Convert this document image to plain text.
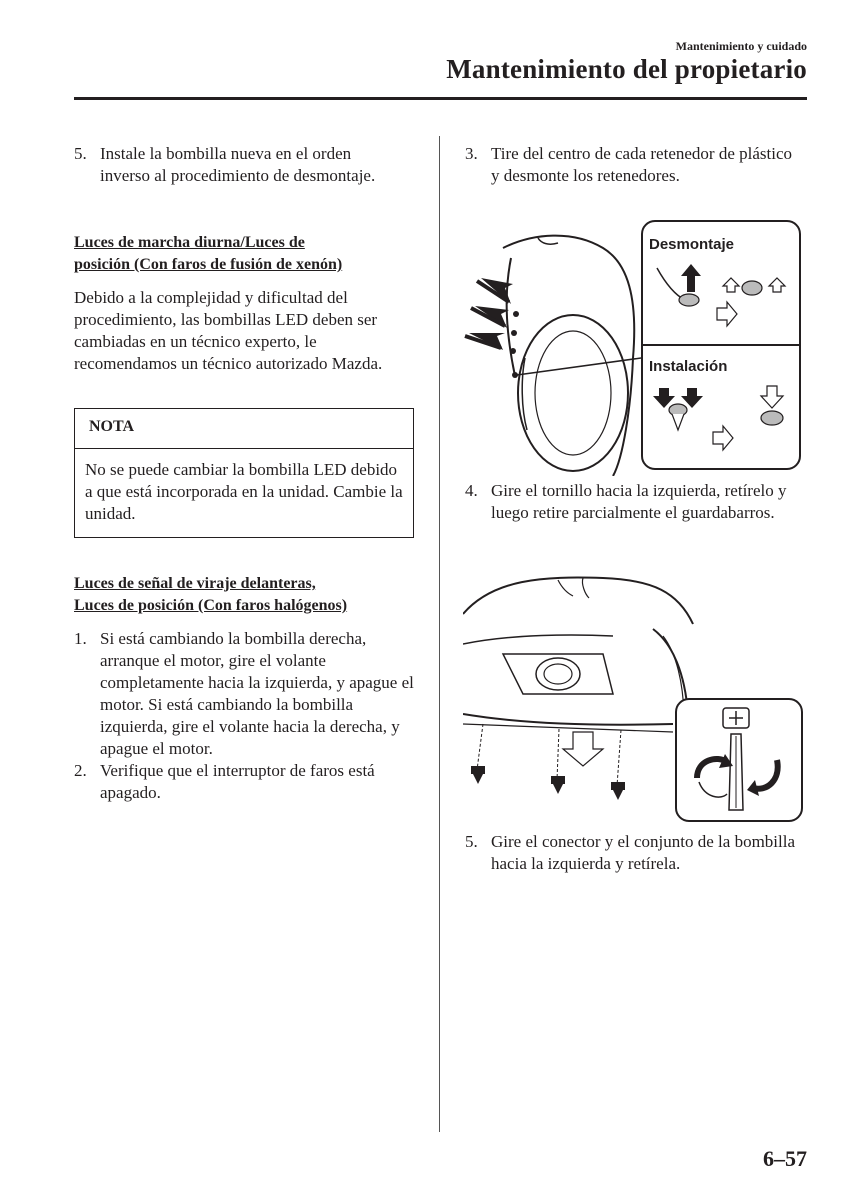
Mantenimiento y cuidado
Mantenimiento del propietario
5. Instale la bombilla nueva en el orden inverso al procedimiento de desmontaje.
Luces de marcha diurna/Luces de
posición (Con faros de fusión de xenón)
Debido a la complejidad y dificultad del procedimiento, las bombillas LED deben ser cambiadas en un técnico experto, le recomendamos un técnico autorizado Mazda.
NOTA
No se puede cambiar la bombilla LED debido a que está incorporada en la unidad. Cambie la unidad.
Luces de señal de viraje delanteras,
Luces de posición (Con faros halógenos)
1. Si está cambiando la bombilla derecha, arranque el motor, gire el volante completamente hacia la izquierda, y apague el motor. Si está cambiando la bombilla izquierda, gire el volante hacia la derecha, y apague el motor.
2. Verifique que el interruptor de faros está apagado.
3. Tire del centro de cada retenedor de plástico y desmonte los retenedores.
Desmontaje
Instalación
4. Gire el tornillo hacia la izquierda, retírelo y luego retire parcialmente el guardabarros.
5. Gire el conector y el conjunto de la bombilla hacia la izquierda y retírela.
6–57
